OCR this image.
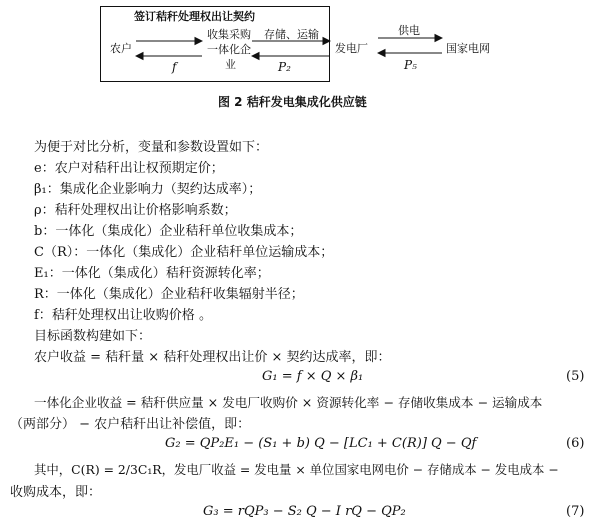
签订秸秆处理权出让契约
农户
收集采购
一体化企
业
存储、运输
发电厂
供电
国家电网
f	P₂	P₅
图 2 秸秆发电集成化供应链
为便于对比分析，变量和参数设置如下：
e：农户对秸秆出让权预期定价；
β₁：集成化企业影响力（契约达成率）；
ρ：秸秆处理权出让价格影响系数；
b：一体化（集成化）企业秸秆单位收集成本；
C（R）：一体化（集成化）企业秸秆单位运输成本；
E₁：一体化（集成化）秸秆资源转化率；
R：一体化（集成化）企业秸秆收集辐射半径；
f：秸秆处理权出让收购价格 。
目标函数构建如下：
农户收益 = 秸秆量 × 秸秆处理权出让价 × 契约达成率，即：
G₁ = f × Q × β₁	(5)
一体化企业收益 = 秸秆供应量 × 发电厂收购价 × 资源转化率 − 存储收集成本 − 运输成本
（两部分） − 农户秸秆出让补偿值，即：
G₂ = QP₂E₁ − (S₁ + b) Q − [LC₁ + C(R)] Q − Qf	(6)
其中，C(R) = 2/3C₁R，发电厂收益 = 发电量 × 单位国家电网电价 − 存储成本 − 发电成本 −
收购成本，即：
G₃ = rQP₃ − S₂ Q − I rQ − QP₂	(7)
